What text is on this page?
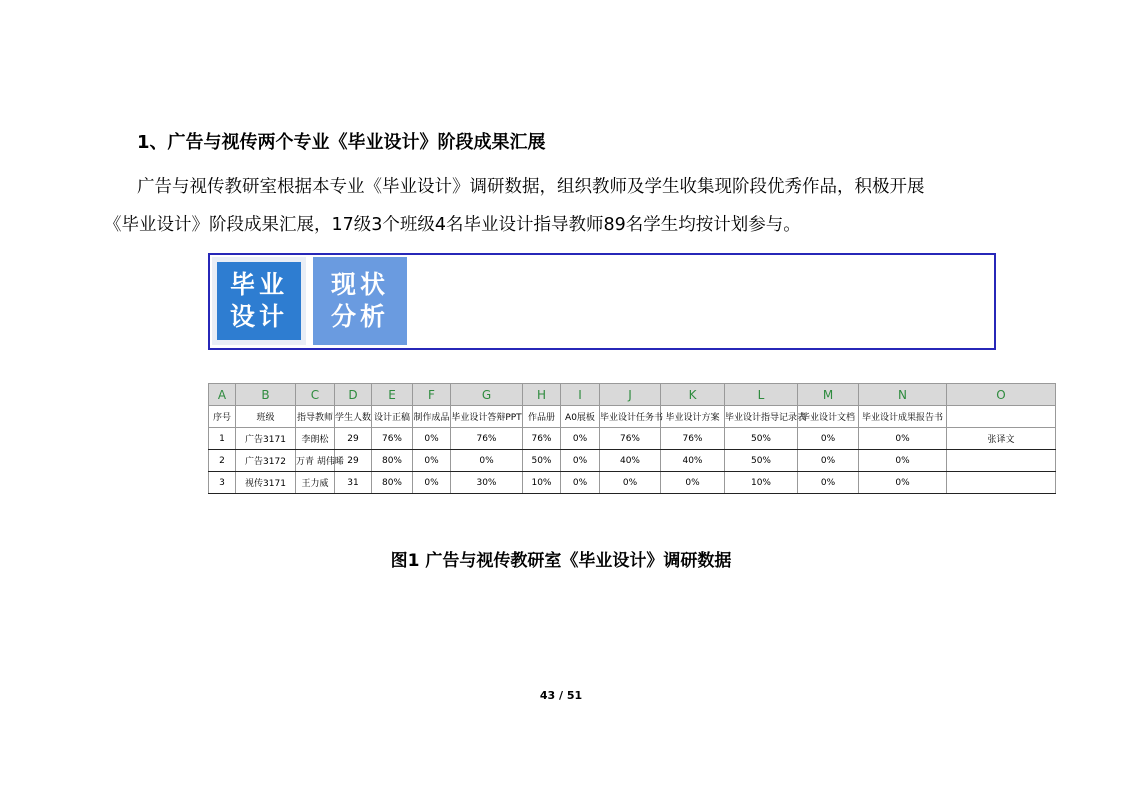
1、广告与视传两个专业《毕业设计》阶段成果汇展
广告与视传教研室根据本专业《毕业设计》调研数据，组织教师及学生收集现阶段优秀作品，积极开展
《毕业设计》阶段成果汇展，17级3个班级4名毕业设计指导教师89名学生均按计划参与。
毕业
设计
现状
分析
A	B	C	D	E	F	G	H	I	J	K	L	M	N	O
序号	班级	指导教师	学生人数	设计正稿	制作成品	毕业设计答辩PPT	作品册	A0展板	毕业设计任务书	毕业设计方案	毕业设计指导记录表	毕业设计文档	毕业设计成果报告书	
1	广告3171	李朗松	29	76%	0%	76%	76%	0%	76%	76%	50%	0%	0%	张译文
2	广告3172	万青 胡伟晞	29	80%	0%	0%	50%	0%	40%	40%	50%	0%	0%	
3	视传3171	王力威	31	80%	0%	30%	10%	0%	0%	0%	10%	0%	0%	
图1 广告与视传教研室《毕业设计》调研数据
43 / 51
